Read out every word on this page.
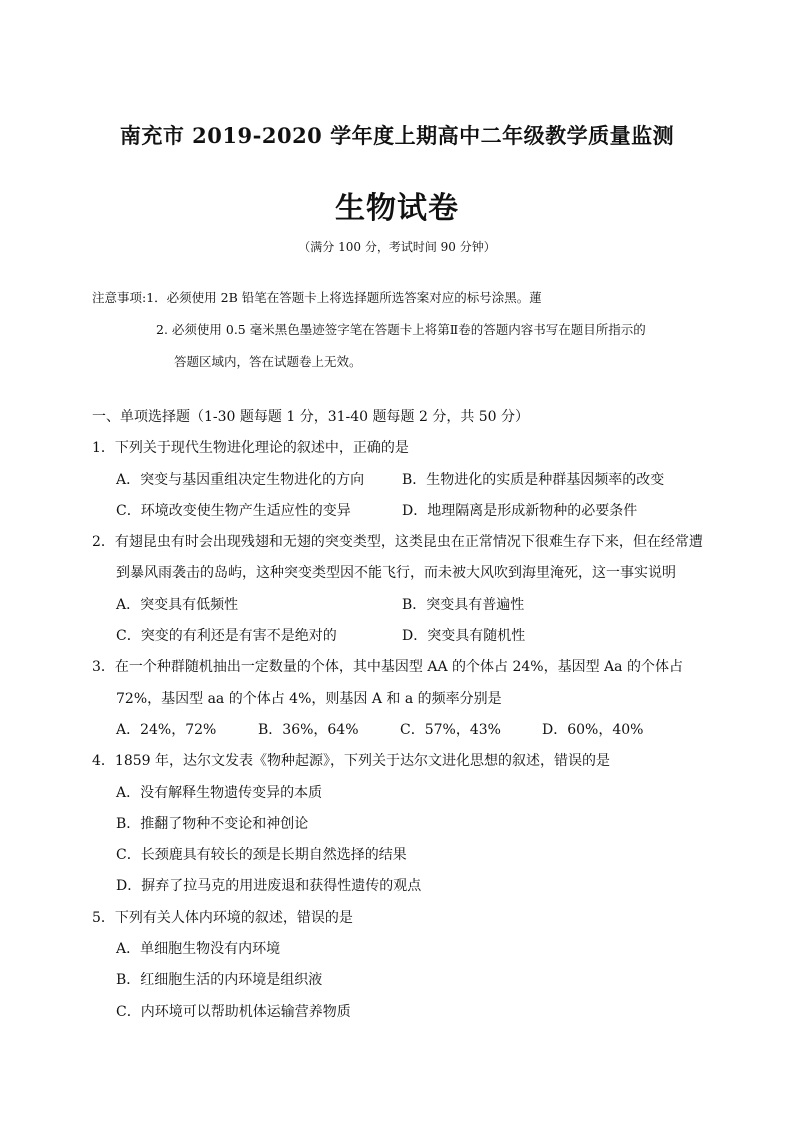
南充市 2019-2020 学年度上期高中二年级教学质量监测
生物试卷
（满分 100 分，考试时间 90 分钟）
注意事项:1．必须使用 2B 铅笔在答题卡上将选择题所选答案对应的标号涂黑。蓮
2. 必须使用 0.5 毫米黑色墨迹签字笔在答题卡上将第Ⅱ卷的答题内容书写在题目所指示的
答题区域内，答在试题卷上无效。
一、单项选择题（1-30 题每题 1 分，31-40 题每题 2 分，共 50 分）
1．下列关于现代生物进化理论的叙述中，正确的是
A．突变与基因重组决定生物进化的方向	B．生物进化的实质是种群基因频率的改变
C．环境改变使生物产生适应性的变异	D．地理隔离是形成新物种的必要条件
2．有翅昆虫有时会出现残翅和无翅的突变类型，这类昆虫在正常情况下很难生存下来，但在经常遭
到暴风雨袭击的岛屿，这种突变类型因不能飞行，而未被大风吹到海里淹死，这一事实说明
A．突变具有低频性	B．突变具有普遍性
C．突变的有利还是有害不是绝对的	D．突变具有随机性
3．在一个种群随机抽出一定数量的个体，其中基因型 AA 的个体占 24%，基因型 Aa 的个体占
72%，基因型 aa 的个体占 4%，则基因 A 和 a 的频率分别是
A．24%，72%	B．36%，64%	C．57%，43%	D．60%，40%
4．1859 年，达尔文发表《物种起源》，下列关于达尔文进化思想的叙述，错误的是
A．没有解释生物遗传变异的本质
B．推翻了物种不变论和神创论
C．长颈鹿具有较长的颈是长期自然选择的结果
D．摒弃了拉马克的用进废退和获得性遗传的观点
5．下列有关人体内环境的叙述，错误的是
A．单细胞生物没有内环境
B．红细胞生活的内环境是组织液
C．内环境可以帮助机体运输营养物质
